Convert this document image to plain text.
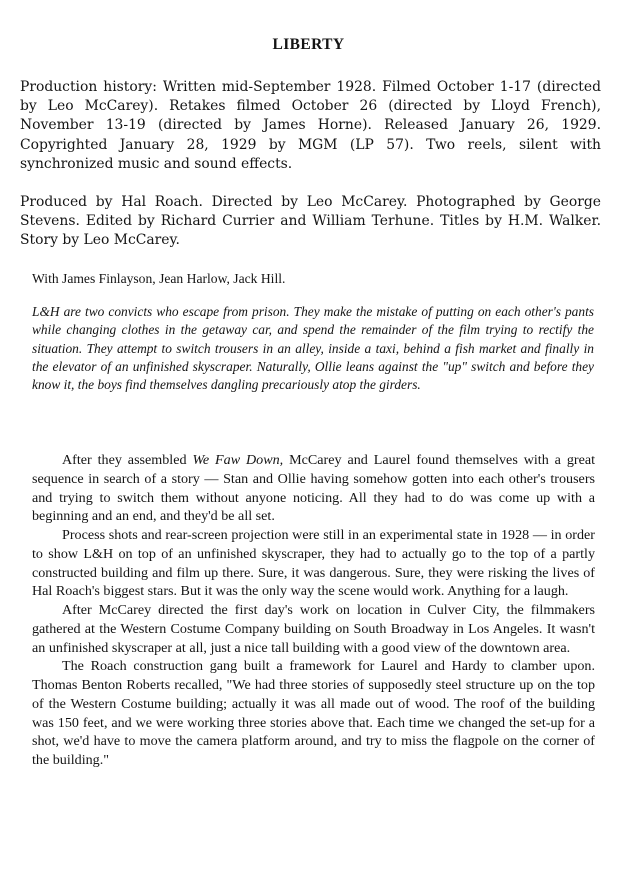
LIBERTY

Production history: Written mid-September 1928. Filmed October 1-17 (directed by Leo McCarey). Retakes filmed October 26 (directed by Lloyd French), November 13-19 (directed by James Horne). Released January 26, 1929. Copyrighted January 28, 1929 by MGM (LP 57). Two reels, silent with synchronized music and sound effects.

Produced by Hal Roach. Directed by Leo McCarey. Photographed by George Stevens. Edited by Richard Currier and William Terhune. Titles by H.M. Walker. Story by Leo McCarey.

With James Finlayson, Jean Harlow, Jack Hill.

L&H are two convicts who escape from prison. They make the mistake of putting on each other's pants while changing clothes in the getaway car, and spend the remainder of the film trying to rectify the situation. They attempt to switch trousers in an alley, inside a taxi, behind a fish market and finally in the elevator of an unfinished skyscraper. Naturally, Ollie leans against the "up" switch and before they know it, the boys find themselves dangling precariously atop the girders.

After they assembled We Faw Down, McCarey and Laurel found themselves with a great sequence in search of a story — Stan and Ollie having somehow gotten into each other's trousers and trying to switch them without anyone noticing. All they had to do was come up with a beginning and an end, and they'd be all set.

Process shots and rear-screen projection were still in an experimental state in 1928 — in order to show L&H on top of an unfinished skyscraper, they had to actually go to the top of a partly constructed building and film up there. Sure, it was dangerous. Sure, they were risking the lives of Hal Roach's biggest stars. But it was the only way the scene would work. Anything for a laugh.

After McCarey directed the first day's work on location in Culver City, the filmmakers gathered at the Western Costume Company building on South Broadway in Los Angeles. It wasn't an unfinished skyscraper at all, just a nice tall building with a good view of the downtown area.

The Roach construction gang built a framework for Laurel and Hardy to clamber upon. Thomas Benton Roberts recalled, "We had three stories of supposedly steel structure up on the top of the Western Costume building; actually it was all made out of wood. The roof of the building was 150 feet, and we were working three stories above that. Each time we changed the set-up for a shot, we'd have to move the camera platform around, and try to miss the flagpole on the corner of the building."
